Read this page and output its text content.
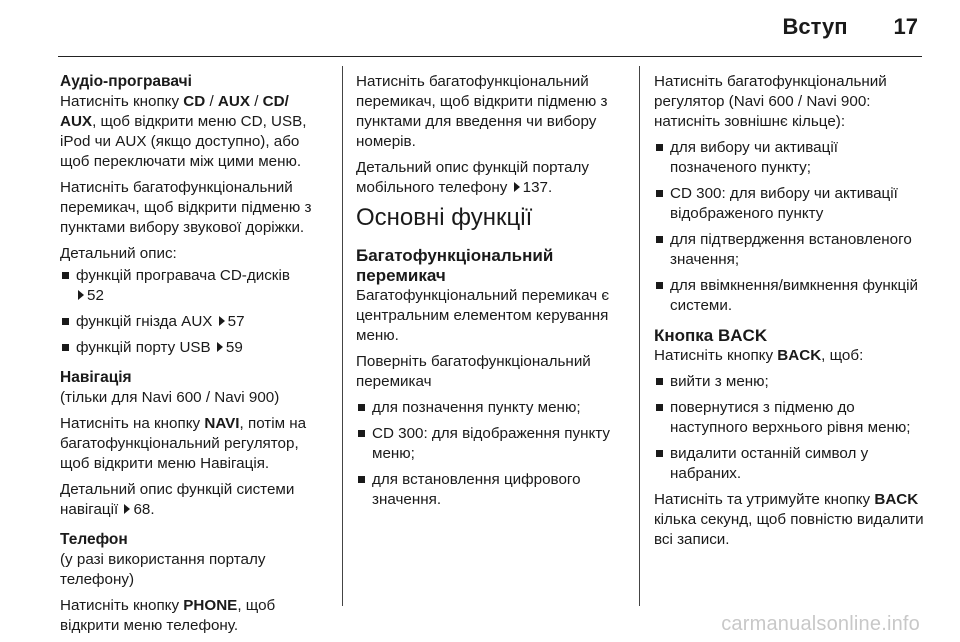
Вступ 17
Аудіо-програвачі

Натисніть кнопку CD / AUX / CD/ AUX, щоб відкрити меню CD, USB, iPod чи AUX (якщо доступно), або щоб переключати між цими меню.

Натисніть багатофункціональний перемикач, щоб відкрити підменю з пунктами вибору звукової доріжки.

Детальний опис:

функцій програвача CD-дисків
52
функцій гнізда AUX 57
функцій порту USB 59
Навігація

(тільки для Navi 600 / Navi 900)

Натисніть на кнопку NAVI, потім на багатофункціональний регулятор, щоб відкрити меню Навігація.

Детальний опис функцій системи навігації 68.

Телефон

(у разі використання порталу телефону)

Натисніть кнопку PHONE, щоб відкрити меню телефону.

Натисніть багатофункціональний перемикач, щоб відкрити підменю з пунктами для введення чи вибору номерів.

Детальний опис функцій порталу мобільного телефону 137.

Основні функції
Багатофункціональний перемикач

Багатофункціональний перемикач є центральним елементом керування меню.

Поверніть багатофункціональний перемикач

для позначення пункту меню;
CD 300: для відображення пункту меню;
для встановлення цифрового значення.

Натисніть багатофункціональний регулятор (Navi 600 / Navi 900: натисніть зовнішнє кільце):

для вибору чи активації позначеного пункту;
CD 300: для вибору чи активації відображеного пункту
для підтвердження встановленого значення;
для ввімкнення/вимкнення функцій системи.
Кнопка BACK

Натисніть кнопку BACK, щоб:

вийти з меню;
повернутися з підменю до наступного верхнього рівня меню;
видалити останній символ у набраних.

Натисніть та утримуйте кнопку BACK кілька секунд, щоб повністю видалити всі записи.

carmanualsonline.info
